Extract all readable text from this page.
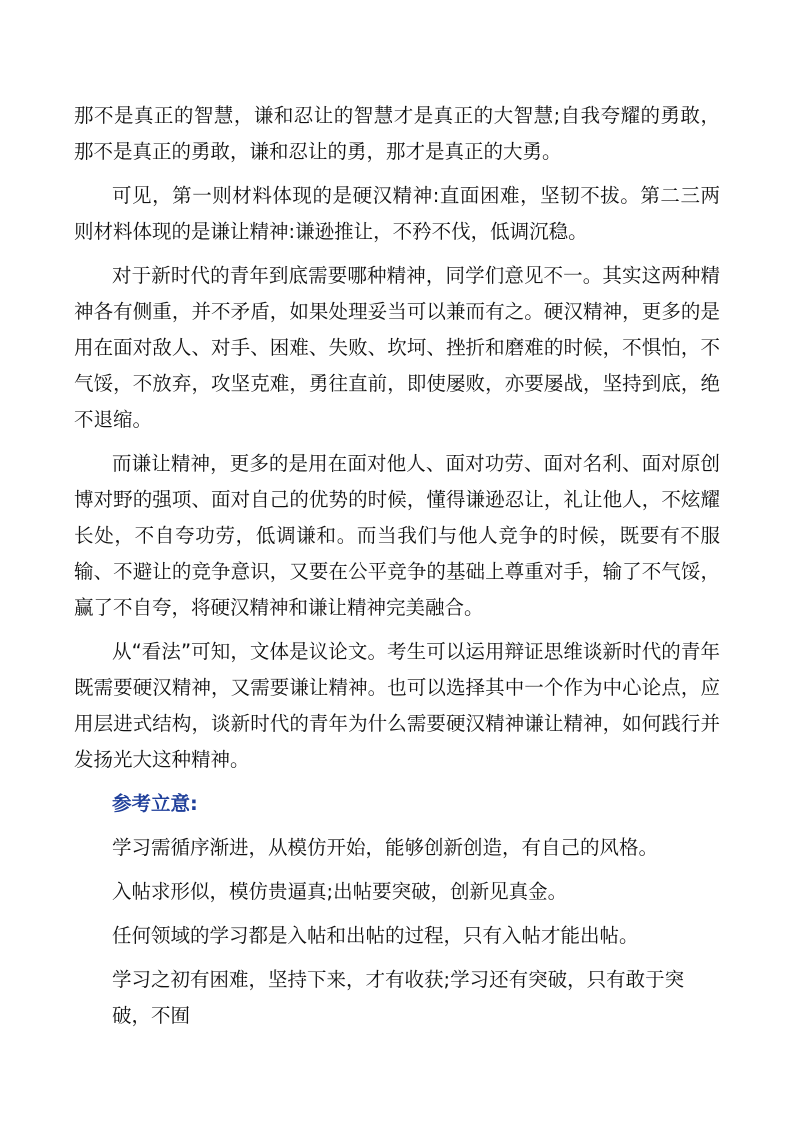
那不是真正的智慧，谦和忍让的智慧才是真正的大智慧;自我夸耀的勇敢，那不是真正的勇敢，谦和忍让的勇，那才是真正的大勇。

可见，第一则材料体现的是硬汉精神:直面困难，坚韧不拔。第二三两则材料体现的是谦让精神:谦逊推让，不矜不伐，低调沉稳。

对于新时代的青年到底需要哪种精神，同学们意见不一。其实这两种精神各有侧重，并不矛盾，如果处理妥当可以兼而有之。硬汉精神，更多的是用在面对敌人、对手、困难、失败、坎坷、挫折和磨难的时候，不惧怕，不气馁，不放弃，攻坚克难，勇往直前，即使屡败，亦要屡战，坚持到底，绝不退缩。

而谦让精神，更多的是用在面对他人、面对功劳、面对名利、面对原创博对野的强项、面对自己的优势的时候，懂得谦逊忍让，礼让他人，不炫耀长处，不自夸功劳，低调谦和。而当我们与他人竞争的时候，既要有不服输、不避让的竞争意识，又要在公平竞争的基础上尊重对手，输了不气馁，赢了不自夸，将硬汉精神和谦让精神完美融合。

从“看法”可知，文体是议论文。考生可以运用辩证思维谈新时代的青年既需要硬汉精神，又需要谦让精神。也可以选择其中一个作为中心论点，应用层进式结构，谈新时代的青年为什么需要硬汉精神谦让精神，如何践行并发扬光大这种精神。

参考立意:

学习需循序渐进，从模仿开始，能够创新创造，有自己的风格。

入帖求形似，模仿贵逼真;出帖要突破，创新见真金。

任何领域的学习都是入帖和出帖的过程，只有入帖才能出帖。

学习之初有困难，坚持下来，才有收获;学习还有突破，只有敢于突破，不囿
